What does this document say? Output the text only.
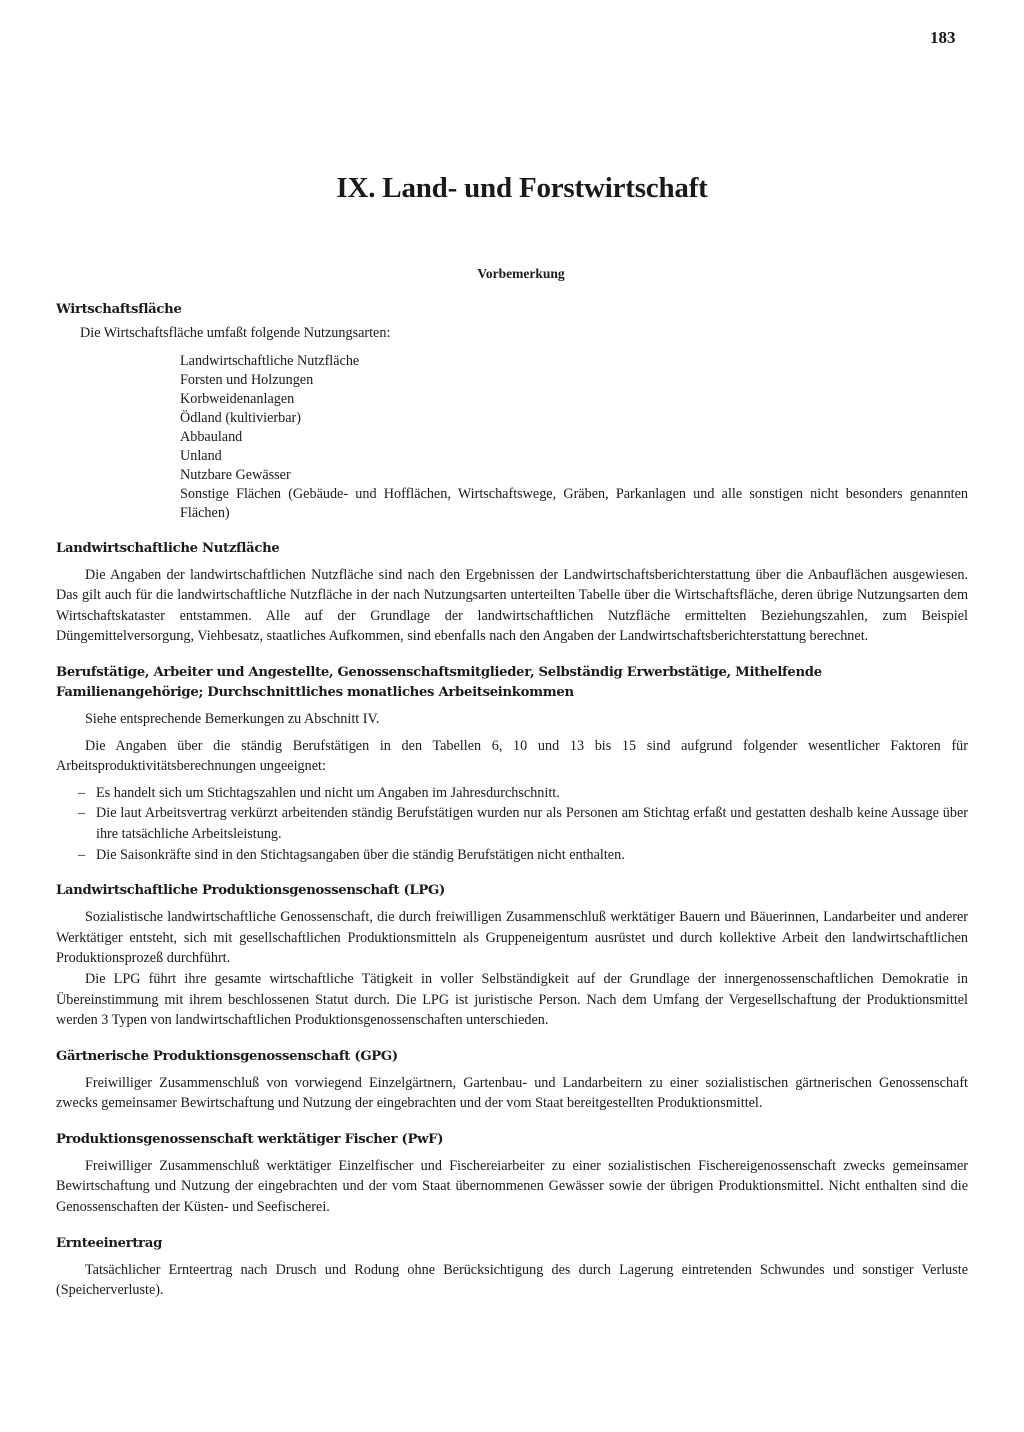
183
IX. Land- und Forstwirtschaft
Vorbemerkung
Wirtschaftsfläche
Die Wirtschaftsfläche umfaßt folgende Nutzungsarten:
Landwirtschaftliche Nutzfläche
Forsten und Holzungen
Korbweidenanlagen
Ödland (kultivierbar)
Abbauland
Unland
Nutzbare Gewässer
Sonstige Flächen (Gebäude- und Hofflächen, Wirtschaftswege, Gräben, Parkanlagen und alle sonstigen nicht besonders genannten Flächen)
Landwirtschaftliche Nutzfläche
Die Angaben der landwirtschaftlichen Nutzfläche sind nach den Ergebnissen der Landwirtschaftsberichterstattung über die Anbauflächen ausgewiesen. Das gilt auch für die landwirtschaftliche Nutzfläche in der nach Nutzungsarten unterteilten Tabelle über die Wirtschaftsfläche, deren übrige Nutzungsarten dem Wirtschaftskataster entstammen. Alle auf der Grundlage der landwirtschaftlichen Nutzfläche ermittelten Beziehungszahlen, zum Beispiel Düngemittelversorgung, Viehbesatz, staatliches Aufkommen, sind ebenfalls nach den Angaben der Landwirtschaftsberichterstattung berechnet.
Berufstätige, Arbeiter und Angestellte, Genossenschaftsmitglieder, Selbständig Erwerbstätige, Mithelfende Familienangehörige; Durchschnittliches monatliches Arbeitseinkommen
Siehe entsprechende Bemerkungen zu Abschnitt IV.
Die Angaben über die ständig Berufstätigen in den Tabellen 6, 10 und 13 bis 15 sind aufgrund folgender wesentlicher Faktoren für Arbeitsproduktivitätsberechnungen ungeeignet:
– Es handelt sich um Stichtagszahlen und nicht um Angaben im Jahresdurchschnitt.
– Die laut Arbeitsvertrag verkürzt arbeitenden ständig Berufstätigen wurden nur als Personen am Stichtag erfaßt und gestatten deshalb keine Aussage über ihre tatsächliche Arbeitsleistung.
– Die Saisonkräfte sind in den Stichtagsangaben über die ständig Berufstätigen nicht enthalten.
Landwirtschaftliche Produktionsgenossenschaft (LPG)
Sozialistische landwirtschaftliche Genossenschaft, die durch freiwilligen Zusammenschluß werktätiger Bauern und Bäuerinnen, Landarbeiter und anderer Werktätiger entsteht, sich mit gesellschaftlichen Produktionsmitteln als Gruppeneigentum ausrüstet und durch kollektive Arbeit den landwirtschaftlichen Produktionsprozeß durchführt.
Die LPG führt ihre gesamte wirtschaftliche Tätigkeit in voller Selbständigkeit auf der Grundlage der innergenossenschaftlichen Demokratie in Übereinstimmung mit ihrem beschlossenen Statut durch. Die LPG ist juristische Person. Nach dem Umfang der Vergesellschaftung der Produktionsmittel werden 3 Typen von landwirtschaftlichen Produktionsgenossenschaften unterschieden.
Gärtnerische Produktionsgenossenschaft (GPG)
Freiwilliger Zusammenschluß von vorwiegend Einzelgärtnern, Gartenbau- und Landarbeitern zu einer sozialistischen gärtnerischen Genossenschaft zwecks gemeinsamer Bewirtschaftung und Nutzung der eingebrachten und der vom Staat bereitgestellten Produktionsmittel.
Produktionsgenossenschaft werktätiger Fischer (PwF)
Freiwilliger Zusammenschluß werktätiger Einzelfischer und Fischereiarbeiter zu einer sozialistischen Fischereigenossenschaft zwecks gemeinsamer Bewirtschaftung und Nutzung der eingebrachten und der vom Staat übernommenen Gewässer sowie der übrigen Produktionsmittel. Nicht enthalten sind die Genossenschaften der Küsten- und Seefischerei.
Ernteeinertrag
Tatsächlicher Ernteertrag nach Drusch und Rodung ohne Berücksichtigung des durch Lagerung eintretenden Schwundes und sonstiger Verluste (Speicherverluste).
